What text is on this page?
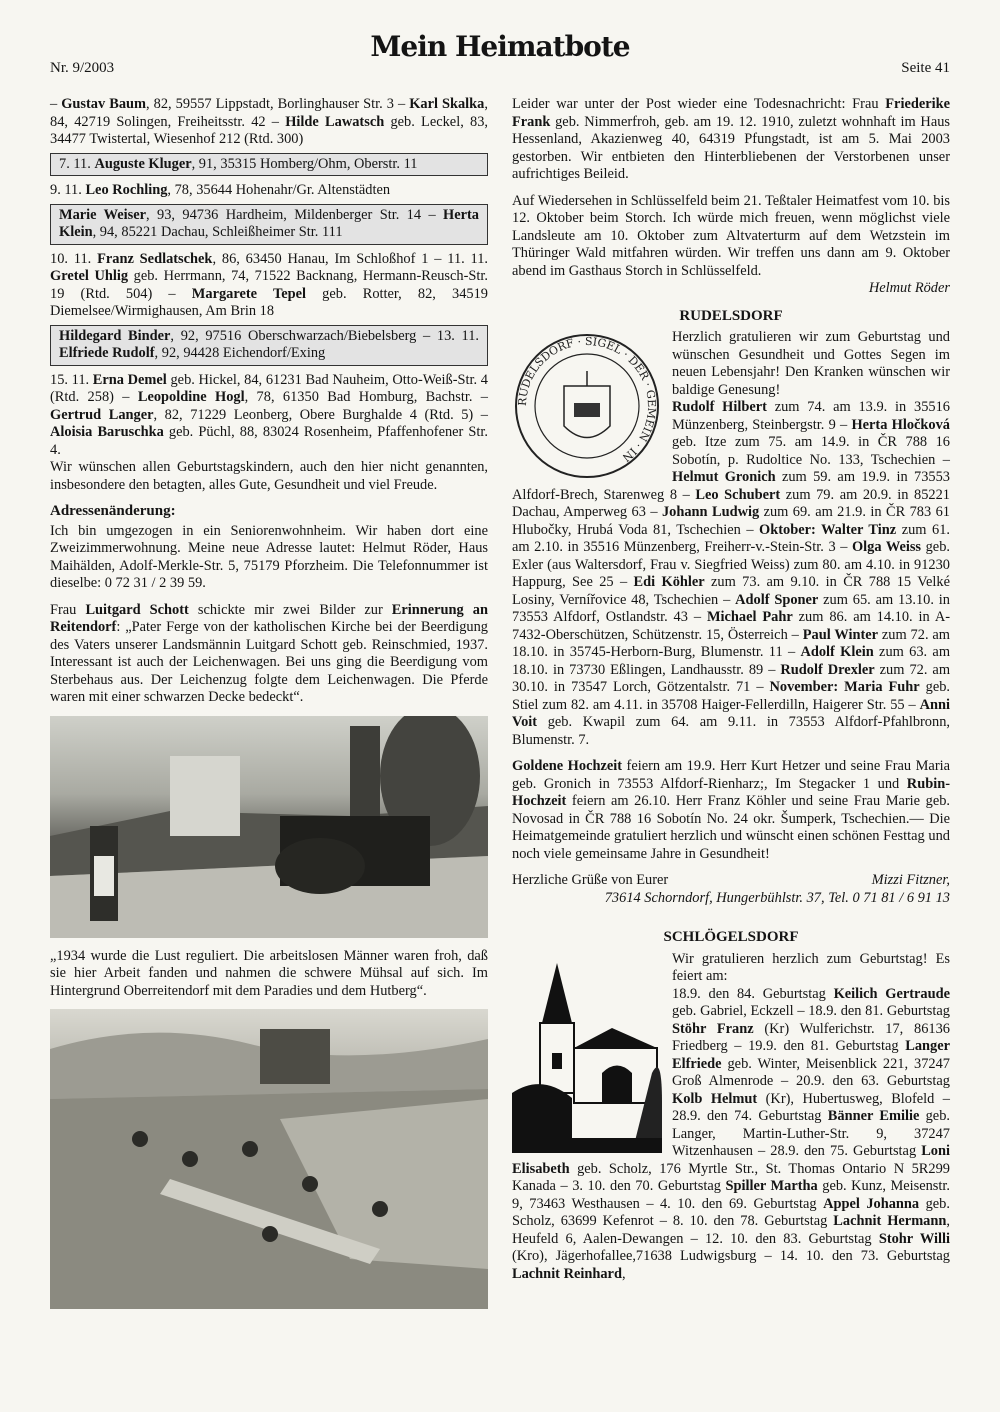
Nr. 9/2003
Mein Heimatbote
Seite 41

– Gustav Baum, 82, 59557 Lippstadt, Borlinghauser Str. 3 – Karl Skalka, 84, 42719 Solingen, Freiheitsstr. 42 – Hilde Lawatsch geb. Leckel, 83, 34477 Twistertal, Wiesenhof 212 (Rtd. 300)

7. 11. Auguste Kluger, 91, 35315 Homberg/Ohm, Oberstr. 11

9. 11. Leo Rochling, 78, 35644 Hohenahr/Gr. Altenstädten

Marie Weiser, 93, 94736 Hardheim, Mildenberger Str. 14 – Herta Klein, 94, 85221 Dachau, Schleißheimer Str. 111

10. 11. Franz Sedlatschek, 86, 63450 Hanau, Im Schloßhof 1 – 11. 11. Gretel Uhlig geb. Herrmann, 74, 71522 Backnang, Hermann-Reusch-Str. 19 (Rtd. 504) – Margarete Tepel geb. Rotter, 82, 34519 Diemelsee/Wirmighausen, Am Brin 18

Hildegard Binder, 92, 97516 Oberschwarzach/Biebelsberg – 13. 11. Elfriede Rudolf, 92, 94428 Eichendorf/Exing

15. 11. Erna Demel geb. Hickel, 84, 61231 Bad Nauheim, Otto-Weiß-Str. 4 (Rtd. 258) – Leopoldine Hogl, 78, 61350 Bad Homburg, Bachstr. – Gertrud Langer, 82, 71229 Leonberg, Obere Burghalde 4 (Rtd. 5) – Aloisia Baruschka geb. Püchl, 88, 83024 Rosenheim, Pfaffenhofener Str. 4.

Wir wünschen allen Geburtstagskindern, auch den hier nicht genannten, insbesondere den betagten, alles Gute, Gesundheit und viel Freude.

Adressenänderung:

Ich bin umgezogen in ein Seniorenwohnheim. Wir haben dort eine Zweizimmerwohnung. Meine neue Adresse lautet: Helmut Röder, Haus Maihälden, Adolf-Merkle-Str. 5, 75179 Pforzheim. Die Telefonnummer ist dieselbe: 0 72 31 / 2 39 59.

Frau Luitgard Schott schickte mir zwei Bilder zur Erinnerung an Reitendorf: „Pater Ferge von der katholischen Kirche bei der Beerdigung des Vaters unserer Landsmännin Luitgard Schott geb. Reinschmied, 1937. Interessant ist auch der Leichenwagen. Bei uns ging die Beerdigung vom Sterbehaus aus. Der Leichenzug folgte dem Leichenwagen. Die Pferde waren mit einer schwarzen Decke bedeckt“.

„1934 wurde die Lust reguliert. Die arbeitslosen Männer waren froh, daß sie hier Arbeit fanden und nahmen die schwere Mühsal auf sich. Im Hintergrund Oberreitendorf mit dem Paradies und dem Hutberg“.

Leider war unter der Post wieder eine Todesnachricht: Frau Friederike Frank geb. Nimmerfroh, geb. am 19. 12. 1910, zuletzt wohnhaft im Haus Hessenland, Akazienweg 40, 64319 Pfungstadt, ist am 5. Mai 2003 gestorben. Wir entbieten den Hinterbliebenen der Verstorbenen unser aufrichtiges Beileid.

Auf Wiedersehen in Schlüsselfeld beim 21. Teßtaler Heimatfest vom 10. bis 12. Oktober beim Storch. Ich würde mich freuen, wenn möglichst viele Landsleute am 10. Oktober zum Altvaterturm auf dem Wetzstein im Thüringer Wald mitfahren würden. Wir treffen uns dann am 9. Oktober abend im Gasthaus Storch in Schlüsselfeld.

Helmut Röder
RUDELSDORF
RUDELSDORF · SIGEL · DER · GEMEIN · IN

Herzlich gratulieren wir zum Geburtstag und wünschen Gesundheit und Gottes Segen im neuen Lebensjahr! Den Kranken wünschen wir baldige Genesung!

Rudolf Hilbert zum 74. am 13.9. in 35516 Münzenberg, Steinbergstr. 9 – Herta Hločková geb. Itze zum 75. am 14.9. in ČR 788 16 Sobotín, p. Rudoltice No. 133, Tschechien – Helmut Gronich zum 59. am 19.9. in 73553 Alfdorf-Brech, Starenweg 8 – Leo Schubert zum 79. am 20.9. in 85221 Dachau, Amperweg 63 – Johann Ludwig zum 69. am 21.9. in ČR 783 61 Hlubočky, Hrubá Voda 81, Tschechien – Oktober: Walter Tinz zum 61. am 2.10. in 35516 Münzenberg, Freiherr-v.-Stein-Str. 3 – Olga Weiss geb. Exler (aus Waltersdorf, Frau v. Siegfried Weiss) zum 80. am 4.10. in 91230 Happurg, See 25 – Edi Köhler zum 73. am 9.10. in ČR 788 15 Velké Losiny, Vernířovice 48, Tschechien – Adolf Sponer zum 65. am 13.10. in 73553 Alfdorf, Ostlandstr. 43 – Michael Pahr zum 86. am 14.10. in A-7432-Oberschützen, Schützenstr. 15, Österreich – Paul Winter zum 72. am 18.10. in 35745-Herborn-Burg, Blumenstr. 11 – Adolf Klein zum 63. am 18.10. in 73730 Eßlingen, Landhausstr. 89 – Rudolf Drexler zum 72. am 30.10. in 73547 Lorch, Götzentalstr. 71 – November: Maria Fuhr geb. Stiel zum 82. am 4.11. in 35708 Haiger-Fellerdilln, Haigerer Str. 55 – Anni Voit geb. Kwapil zum 64. am 9.11. in 73553 Alfdorf-Pfahlbronn, Blumenstr. 7.

Goldene Hochzeit feiern am 19.9. Herr Kurt Hetzer und seine Frau Maria geb. Gronich in 73553 Alfdorf-Rienharz;, Im Stegacker 1 und Rubin-Hochzeit feiern am 26.10. Herr Franz Köhler und seine Frau Marie geb. Novosad in ČR 788 16 Sobotín No. 24 okr. Šumperk, Tschechien.— Die Heimatgemeinde gratuliert herzlich und wünscht einen schönen Festtag und noch viele gemeinsame Jahre in Gesundheit!

Herzliche Grüße von Eurer	Mizzi Fitzner,
73614 Schorndorf, Hungerbühlstr. 37, Tel. 0 71 81 / 6 91 13
SCHLÖGELSDORF

Wir gratulieren herzlich zum Geburtstag! Es feiert am:

18.9. den 84. Geburtstag Keilich Gertraude geb. Gabriel, Eckzell – 18.9. den 81. Geburtstag Stöhr Franz (Kr) Wulferichstr. 17, 86136 Friedberg – 19.9. den 81. Geburtstag Langer Elfriede geb. Winter, Meisenblick 221, 37247 Groß Almenrode – 20.9. den 63. Geburtstag Kolb Helmut (Kr), Hubertusweg, Blofeld – 28.9. den 74. Geburtstag Bänner Emilie geb. Langer, Martin-Luther-Str. 9, 37247 Witzenhausen – 28.9. den 75. Geburtstag Loni Elisabeth geb. Scholz, 176 Myrtle Str., St. Thomas Ontario N 5R299 Kanada – 3. 10. den 70. Geburtstag Spiller Martha geb. Kunz, Meisenstr. 9, 73463 Westhausen – 4. 10. den 69. Geburtstag Appel Johanna geb. Scholz, 63699 Kefenrot – 8. 10. den 78. Geburtstag Lachnit Hermann, Heufeld 6, Aalen-Dewangen – 12. 10. den 83. Geburtstag Stohr Willi (Kro), Jägerhofallee,71638 Ludwigsburg – 14. 10. den 73. Geburtstag Lachnit Reinhard,
